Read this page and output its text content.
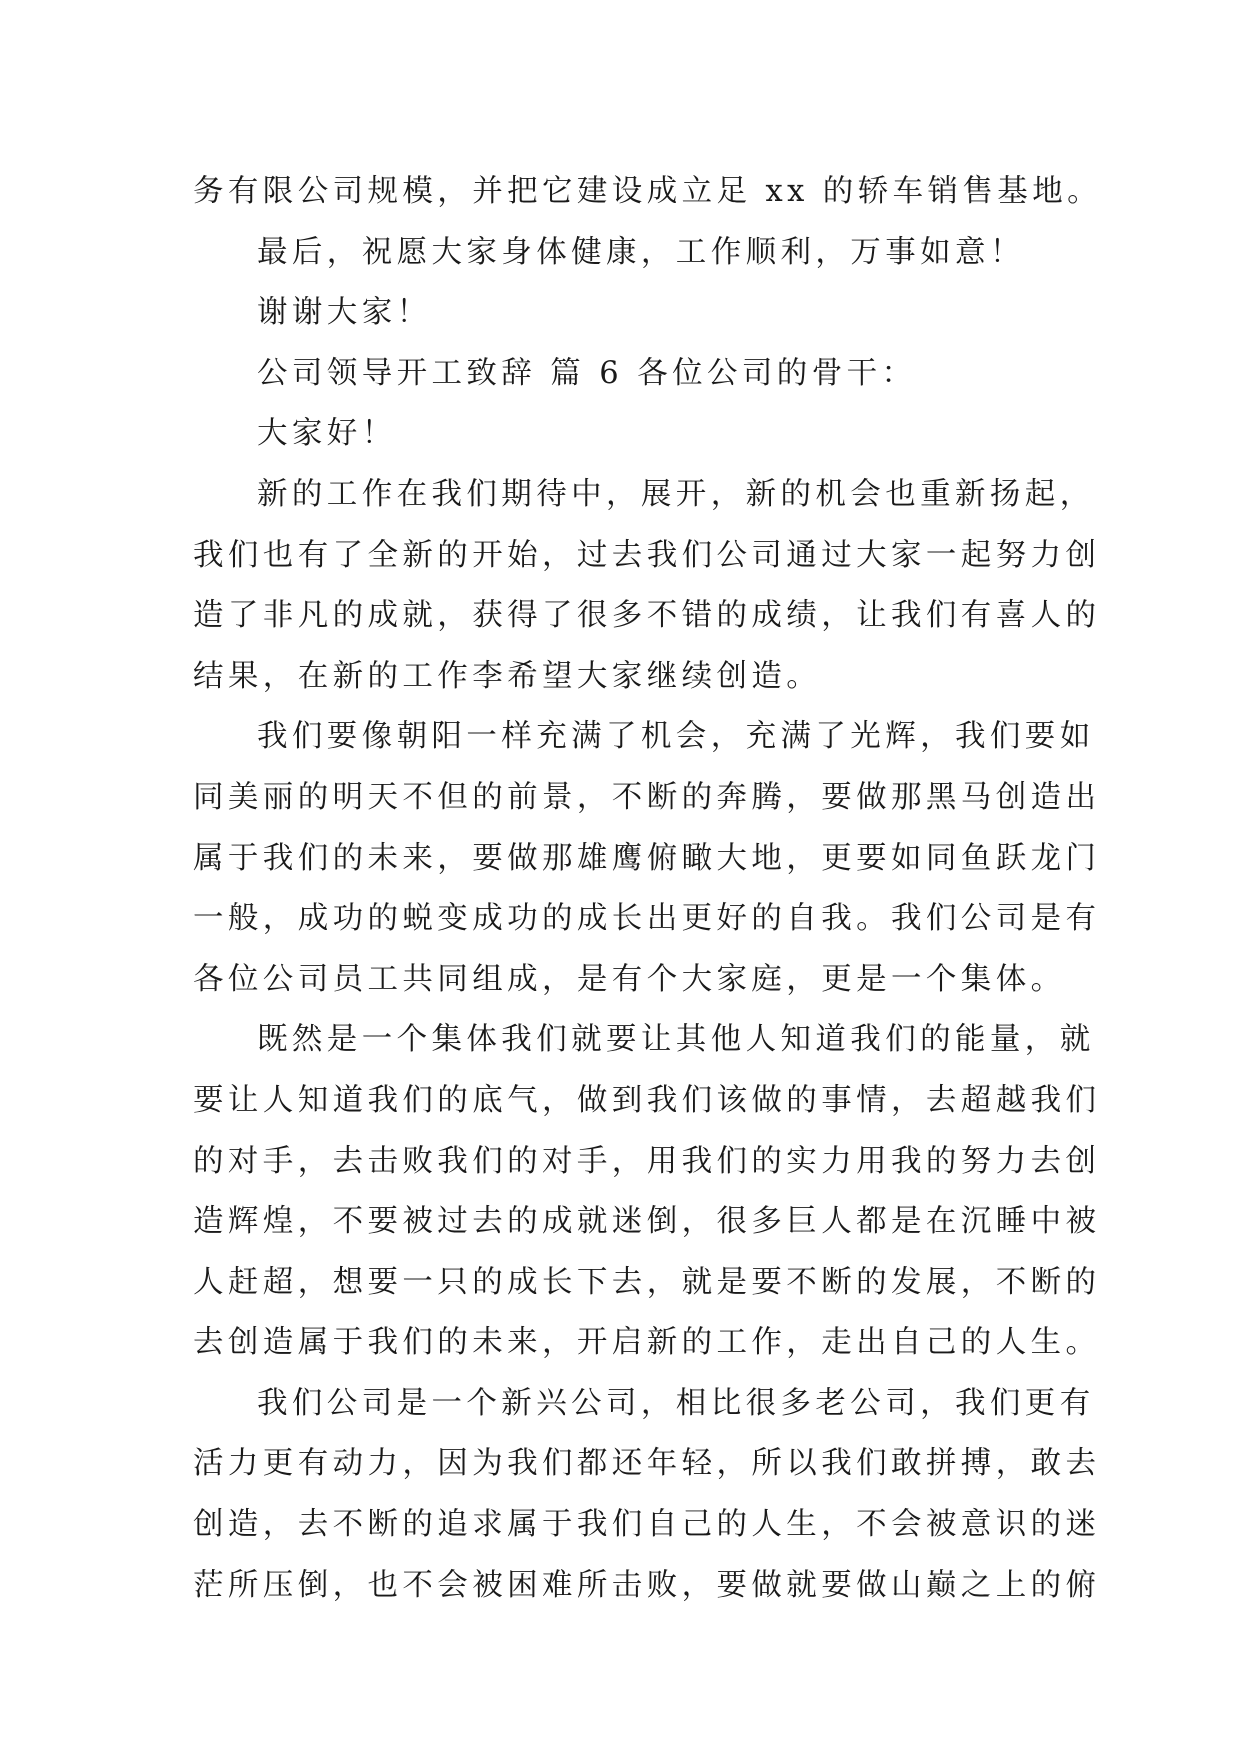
务有限公司规模，并把它建设成立足 xx 的轿车销售基地。
最后，祝愿大家身体健康，工作顺利，万事如意！
谢谢大家！
公司领导开工致辞 篇 6 各位公司的骨干：
大家好！
新的工作在我们期待中，展开，新的机会也重新扬起，
我们也有了全新的开始，过去我们公司通过大家一起努力创
造了非凡的成就，获得了很多不错的成绩，让我们有喜人的
结果，在新的工作李希望大家继续创造。
我们要像朝阳一样充满了机会，充满了光辉，我们要如
同美丽的明天不但的前景，不断的奔腾，要做那黑马创造出
属于我们的未来，要做那雄鹰俯瞰大地，更要如同鱼跃龙门
一般，成功的蜕变成功的成长出更好的自我。我们公司是有
各位公司员工共同组成，是有个大家庭，更是一个集体。
既然是一个集体我们就要让其他人知道我们的能量，就
要让人知道我们的底气，做到我们该做的事情，去超越我们
的对手，去击败我们的对手，用我们的实力用我的努力去创
造辉煌，不要被过去的成就迷倒，很多巨人都是在沉睡中被
人赶超，想要一只的成长下去，就是要不断的发展，不断的
去创造属于我们的未来，开启新的工作，走出自己的人生。
我们公司是一个新兴公司，相比很多老公司，我们更有
活力更有动力，因为我们都还年轻，所以我们敢拼搏，敢去
创造，去不断的追求属于我们自己的人生，不会被意识的迷
茫所压倒，也不会被困难所击败，要做就要做山巅之上的俯
